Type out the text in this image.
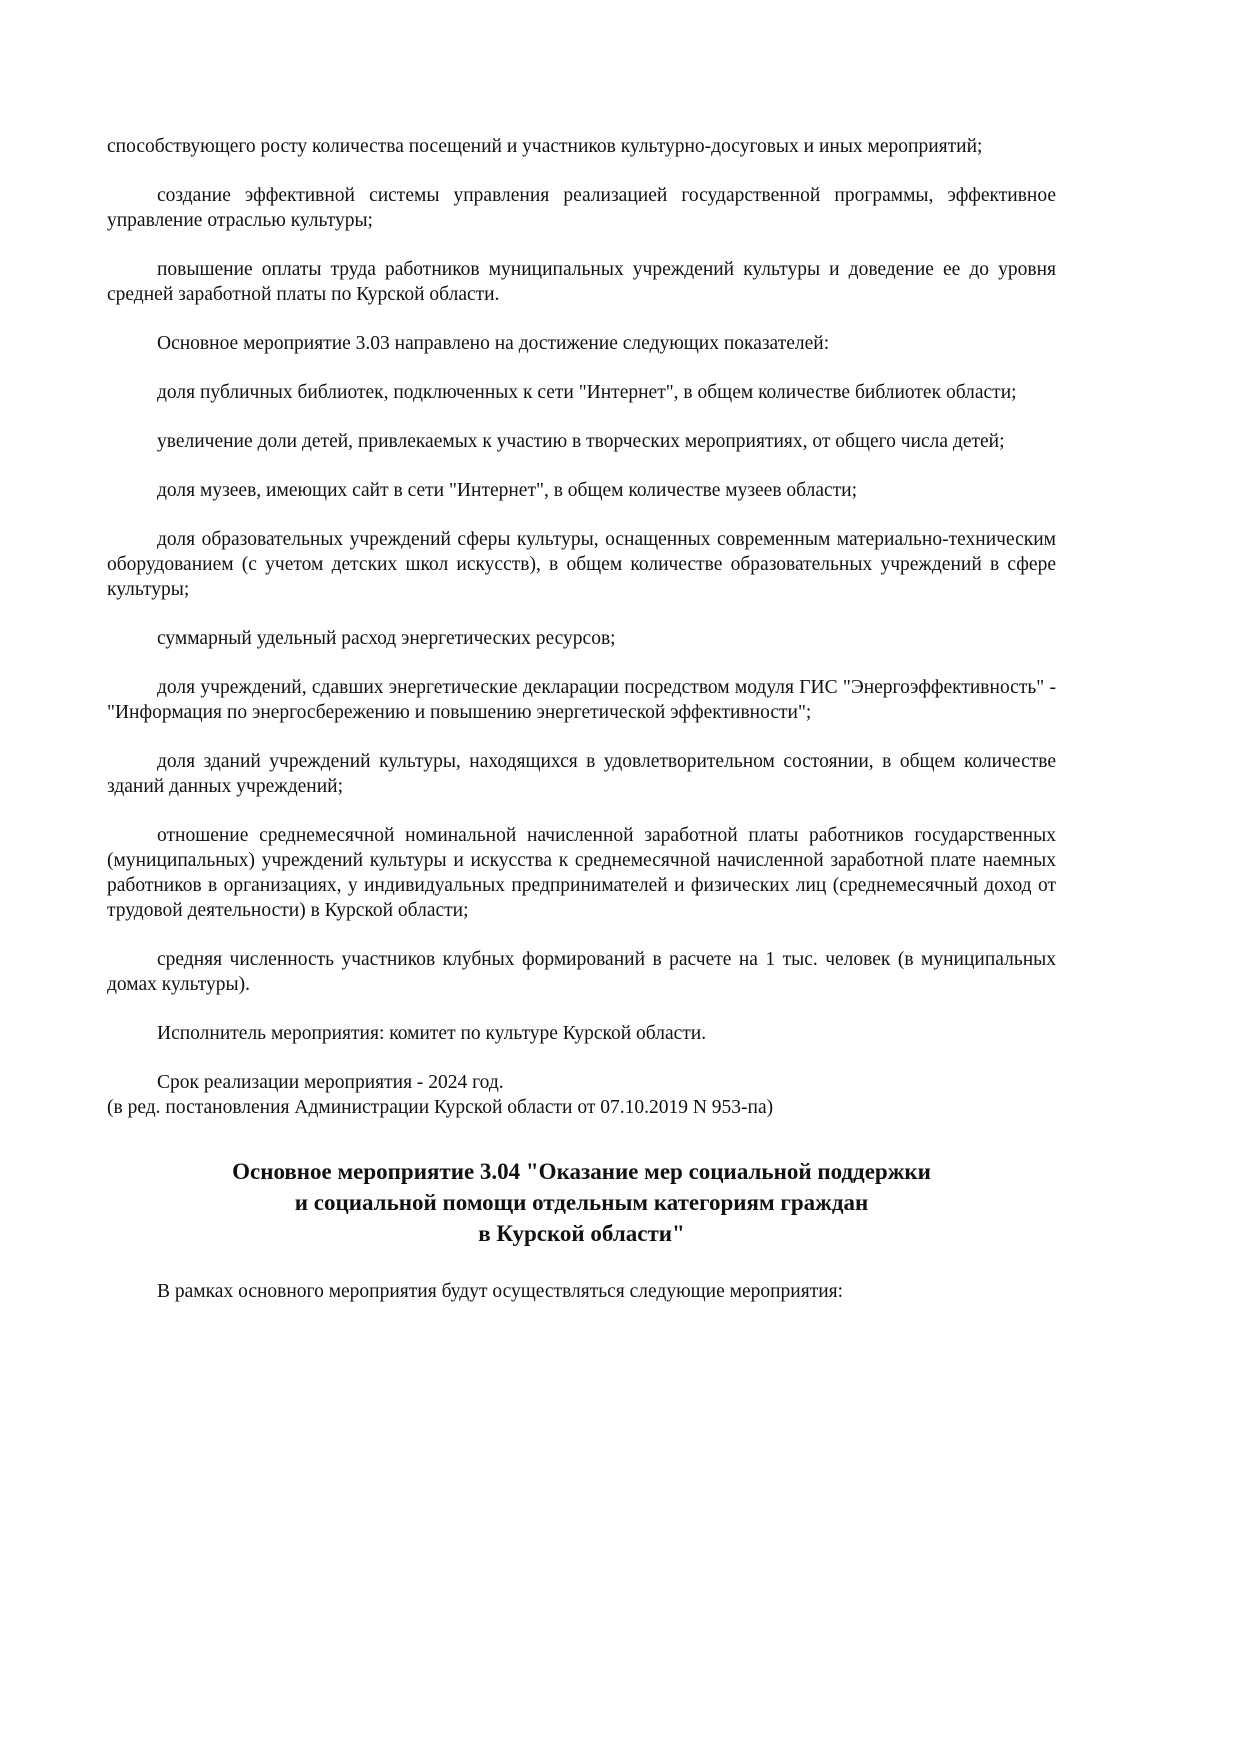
способствующего росту количества посещений и участников культурно-досуговых и иных мероприятий;

создание эффективной системы управления реализацией государственной программы, эффективное управление отраслью культуры;

повышение оплаты труда работников муниципальных учреждений культуры и доведение ее до уровня средней заработной платы по Курской области.

Основное мероприятие 3.03 направлено на достижение следующих показателей:

доля публичных библиотек, подключенных к сети "Интернет", в общем количестве библиотек области;

увеличение доли детей, привлекаемых к участию в творческих мероприятиях, от общего числа детей;

доля музеев, имеющих сайт в сети "Интернет", в общем количестве музеев области;

доля образовательных учреждений сферы культуры, оснащенных современным материально-техническим оборудованием (с учетом детских школ искусств), в общем количестве образовательных учреждений в сфере культуры;

суммарный удельный расход энергетических ресурсов;

доля учреждений, сдавших энергетические декларации посредством модуля ГИС "Энергоэффективность" - "Информация по энергосбережению и повышению энергетической эффективности";

доля зданий учреждений культуры, находящихся в удовлетворительном состоянии, в общем количестве зданий данных учреждений;

отношение среднемесячной номинальной начисленной заработной платы работников государственных (муниципальных) учреждений культуры и искусства к среднемесячной начисленной заработной плате наемных работников в организациях, у индивидуальных предпринимателей и физических лиц (среднемесячный доход от трудовой деятельности) в Курской области;

средняя численность участников клубных формирований в расчете на 1 тыс. человек (в муниципальных домах культуры).

Исполнитель мероприятия: комитет по культуре Курской области.

Срок реализации мероприятия - 2024 год.

(в ред. постановления Администрации Курской области от 07.10.2019 N 953-па)

Основное мероприятие 3.04 "Оказание мер социальной поддержки
и социальной помощи отдельным категориям граждан
в Курской области"

В рамках основного мероприятия будут осуществляться следующие мероприятия:
